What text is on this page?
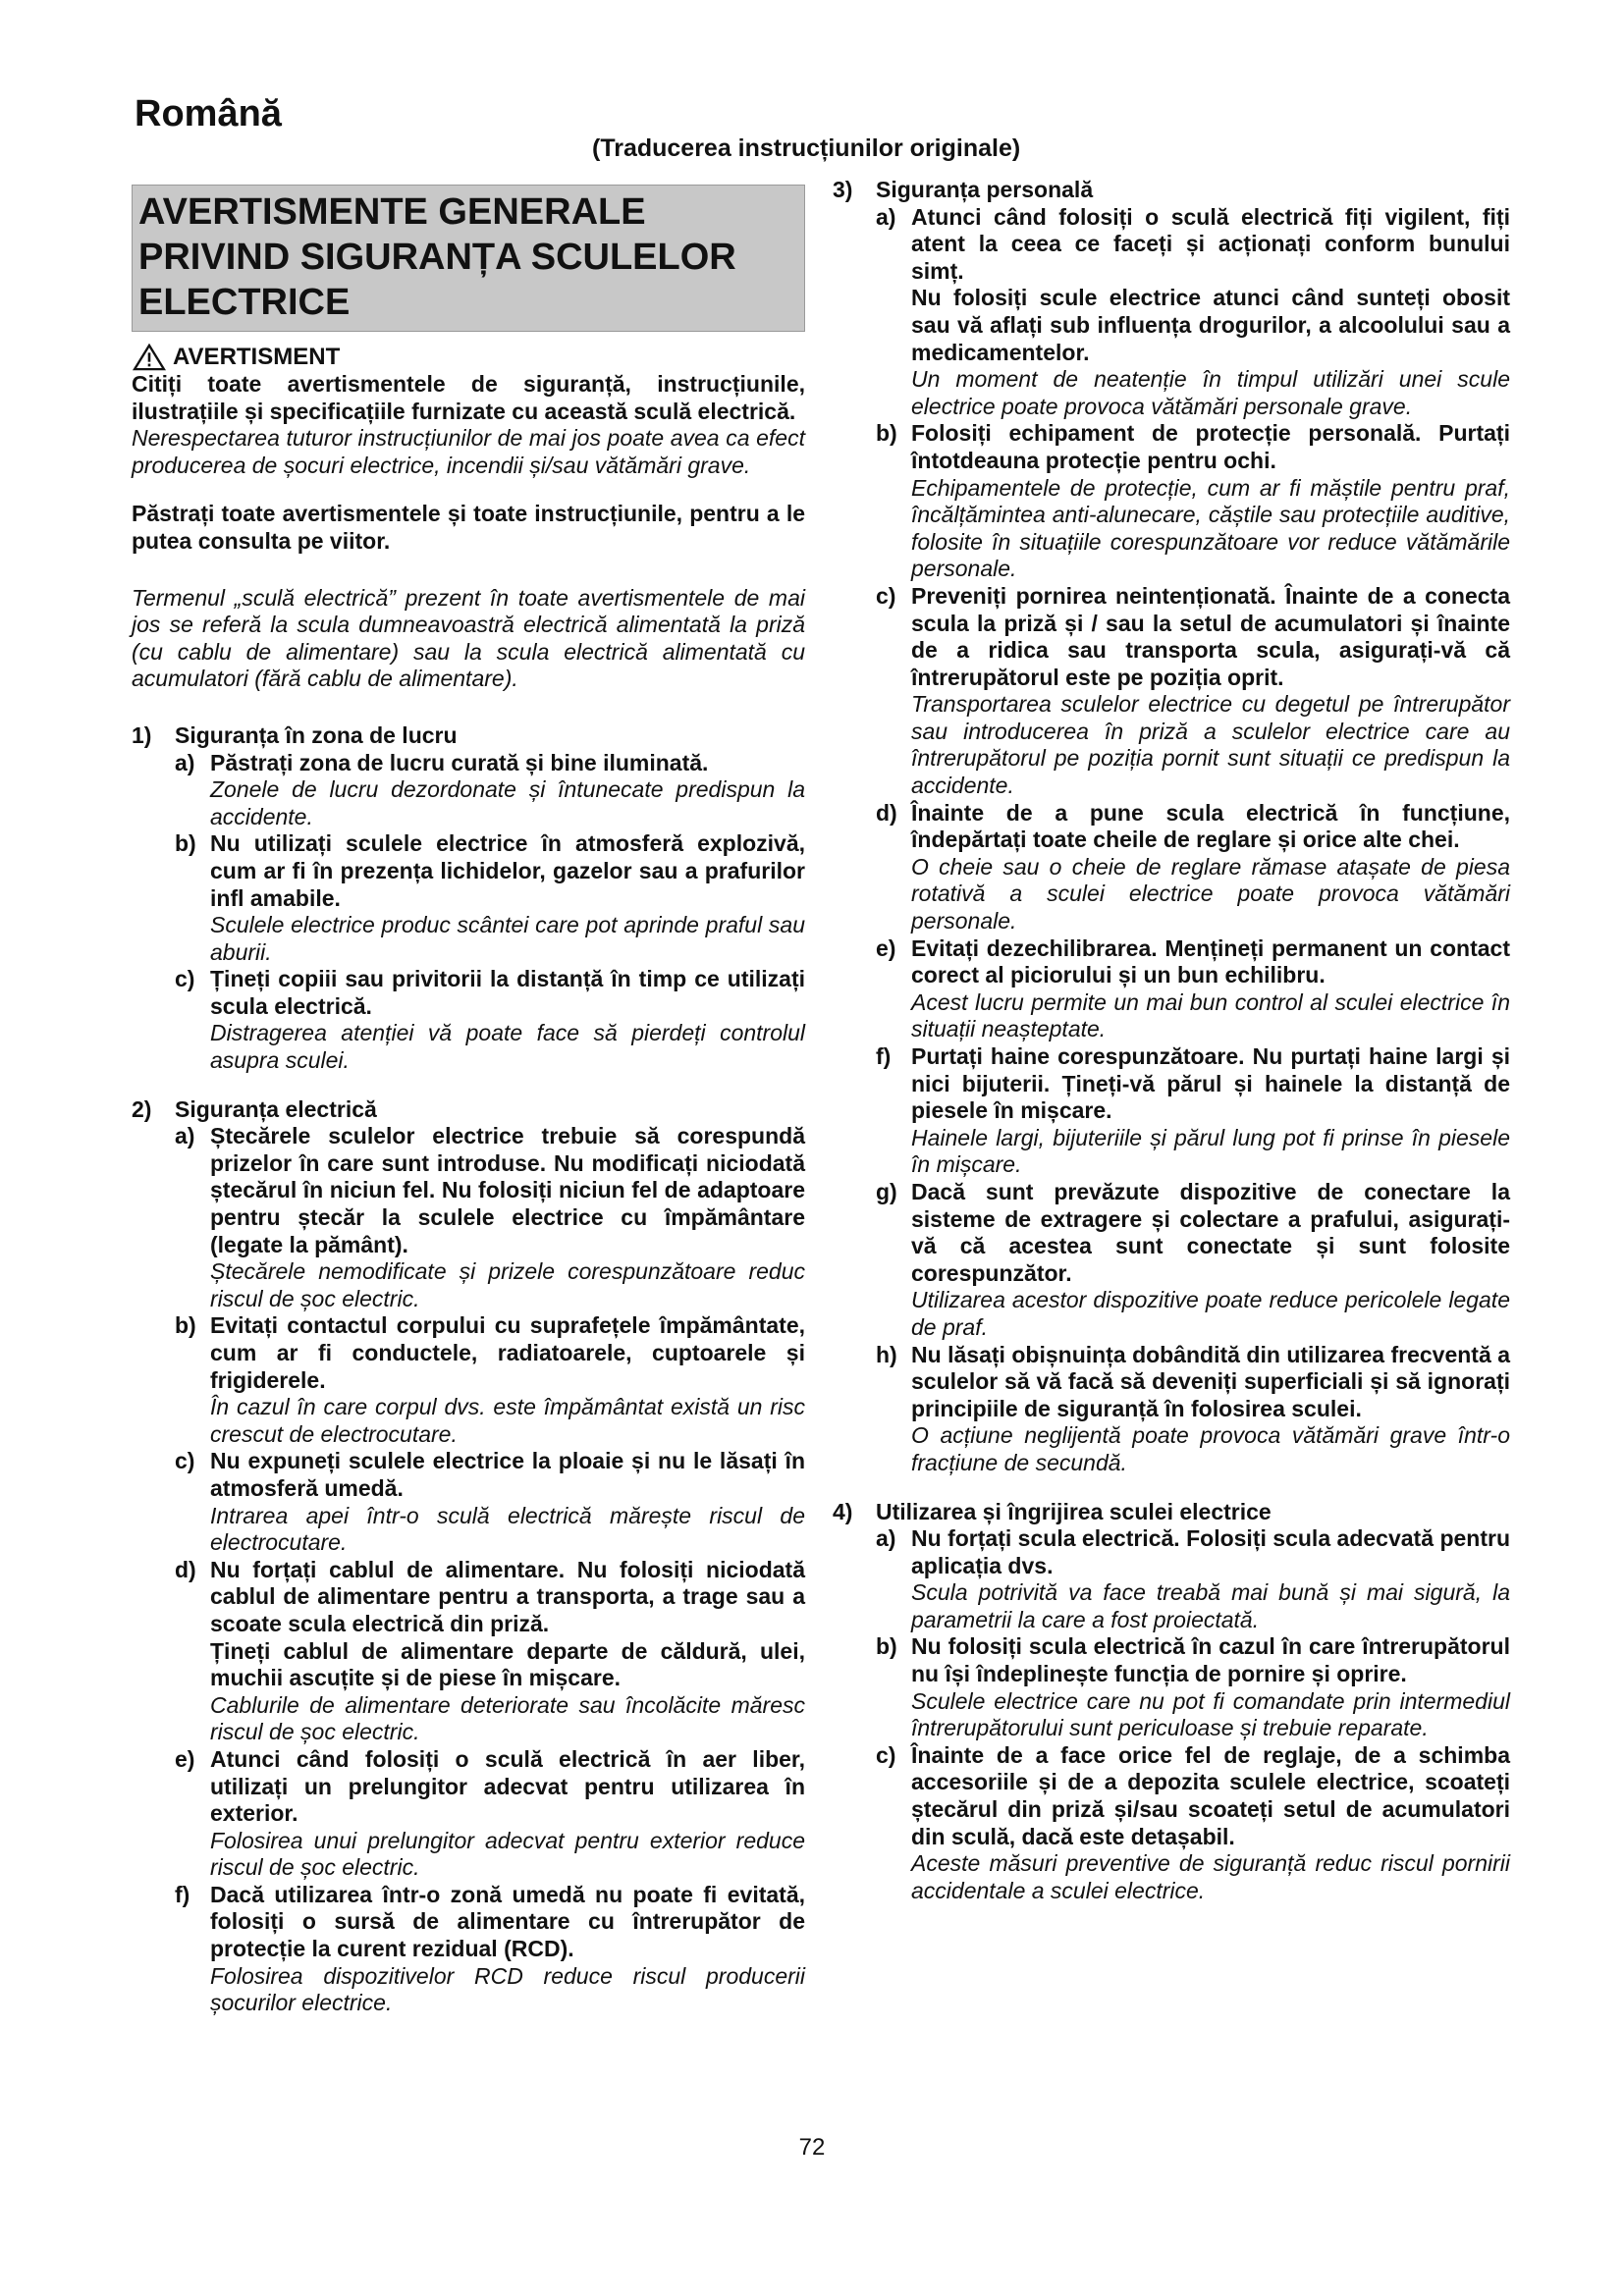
Română
(Traducerea instrucțiunilor originale)
AVERTISMENTE GENERALE PRIVIND SIGURANȚA SCULELOR ELECTRICE
AVERTISMENT

Citiți toate avertismentele de siguranță, instrucțiunile, ilustrațiile și specificațiile furnizate cu această sculă electrică.

Nerespectarea tuturor instrucțiunilor de mai jos poate avea ca efect producerea de șocuri electrice, incendii și/sau vătămări grave.

Păstrați toate avertismentele și toate instrucțiunile, pentru a le putea consulta pe viitor.

Termenul „sculă electrică” prezent în toate avertismentele de mai jos se referă la scula dumneavoastră electrică alimentată la priză (cu cablu de alimentare) sau la scula electrică alimentată cu acumulatori (fără cablu de alimentare).

1)	Siguranța în zona de lucru
a) Păstrați zona de lucru curată și bine iluminată.

Zonele de lucru dezordonate și întunecate predispun la accidente.

b) Nu utilizați sculele electrice în atmosferă explozivă, cum ar fi în prezența lichidelor, gazelor sau a prafurilor infl amabile.

Sculele electrice produc scântei care pot aprinde praful sau aburii.

c) Țineți copiii sau privitorii la distanță în timp ce utilizați scula electrică.

Distragerea atenției vă poate face să pierdeți controlul asupra sculei.

2)	Siguranța electrică
a) Ștecărele sculelor electrice trebuie să corespundă prizelor în care sunt introduse. Nu modificați niciodată ștecărul în niciun fel. Nu folosiți niciun fel de adaptoare pentru ștecăr la sculele electrice cu împământare (legate la pământ).

Ștecărele nemodificate și prizele corespunzătoare reduc riscul de șoc electric.

b) Evitați contactul corpului cu suprafețele împământate, cum ar fi conductele, radiatoarele, cuptoarele și frigiderele.

În cazul în care corpul dvs. este împământat există un risc crescut de electrocutare.

c) Nu expuneți sculele electrice la ploaie și nu le lăsați în atmosferă umedă.

Intrarea apei într-o sculă electrică mărește riscul de electrocutare.

d) Nu forțați cablul de alimentare. Nu folosiți niciodată cablul de alimentare pentru a transporta, a trage sau a scoate scula electrică din priză.

Țineți cablul de alimentare departe de căldură, ulei, muchii ascuțite și de piese în mișcare.

Cablurile de alimentare deteriorate sau încolăcite măresc riscul de șoc electric.

e) Atunci când folosiți o sculă electrică în aer liber, utilizați un prelungitor adecvat pentru utilizarea în exterior.

Folosirea unui prelungitor adecvat pentru exterior reduce riscul de șoc electric.

f) Dacă utilizarea într-o zonă umedă nu poate fi evitată, folosiți o sursă de alimentare cu întrerupător de protecție la curent rezidual (RCD).

Folosirea dispozitivelor RCD reduce riscul producerii șocurilor electrice.

3)	Siguranța personală
a) Atunci când folosiți o sculă electrică fiți vigilent, fiți atent la ceea ce faceți și acționați conform bunului simț.

Nu folosiți scule electrice atunci când sunteți obosit sau vă aflați sub influența drogurilor, a alcoolului sau a medicamentelor.

Un moment de neatenție în timpul utilizări unei scule electrice poate provoca vătămări personale grave.

b) Folosiți echipament de protecție personală. Purtați întotdeauna protecție pentru ochi.

Echipamentele de protecție, cum ar fi măștile pentru praf, încălțămintea anti-alunecare, căștile sau protecțiile auditive, folosite în situațiile corespunzătoare vor reduce vătămările personale.

c) Preveniți pornirea neintenționată. Înainte de a conecta scula la priză și / sau la setul de acumulatori și înainte de a ridica sau transporta scula, asigurați-vă că întrerupătorul este pe poziția oprit.

Transportarea sculelor electrice cu degetul pe întrerupător sau introducerea în priză a sculelor electrice care au întrerupătorul pe poziția pornit sunt situații ce predispun la accidente.

d) Înainte de a pune scula electrică în funcțiune, îndepărtați toate cheile de reglare și orice alte chei.

O cheie sau o cheie de reglare rămase atașate de piesa rotativă a sculei electrice poate provoca vătămări personale.

e) Evitați dezechilibrarea. Mențineți permanent un contact corect al piciorului și un bun echilibru.

Acest lucru permite un mai bun control al sculei electrice în situații neașteptate.

f) Purtați haine corespunzătoare. Nu purtați haine largi și nici bijuterii. Țineți-vă părul și hainele la distanță de piesele în mișcare.

Hainele largi, bijuteriile și părul lung pot fi prinse în piesele în mișcare.

g) Dacă sunt prevăzute dispozitive de conectare la sisteme de extragere și colectare a prafului, asigurați-vă că acestea sunt conectate și sunt folosite corespunzător.

Utilizarea acestor dispozitive poate reduce pericolele legate de praf.

h) Nu lăsați obișnuința dobândită din utilizarea frecventă a sculelor să vă facă să deveniți superficiali și să ignorați principiile de siguranță în folosirea sculei.

O acțiune neglijentă poate provoca vătămări grave într-o fracțiune de secundă.

4)	Utilizarea și îngrijirea sculei electrice
a) Nu forțați scula electrică. Folosiți scula adecvată pentru aplicația dvs.

Scula potrivită va face treabă mai bună și mai sigură, la parametrii la care a fost proiectată.

b) Nu folosiți scula electrică în cazul în care întrerupătorul nu își îndeplinește funcția de pornire și oprire.

Sculele electrice care nu pot fi comandate prin intermediul întrerupătorului sunt periculoase și trebuie reparate.

c) Înainte de a face orice fel de reglaje, de a schimba accesoriile și de a depozita sculele electrice, scoateți ștecărul din priză și/sau scoateți setul de acumulatori din sculă, dacă este detașabil.

Aceste măsuri preventive de siguranță reduc riscul pornirii accidentale a sculei electrice.

72
